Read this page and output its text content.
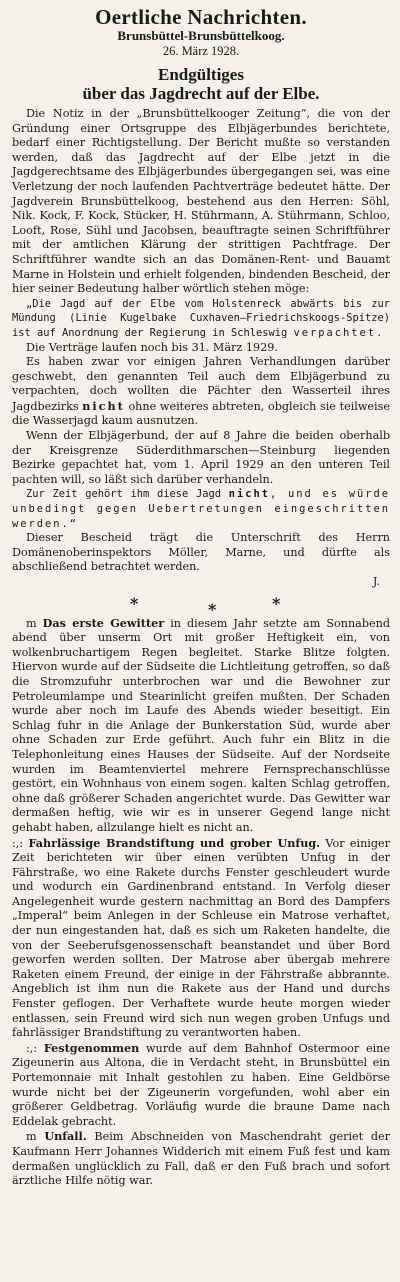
Oertliche Nachrichten.
Brunsbüttel-Brunsbüttelkoog.
26. März 1928.
Endgültiges
über das Jagdrecht auf der Elbe.

Die Notiz in der „Brunsbüttelkooger Zeitung“, die von der Gründung einer Ortsgruppe des Elbjägerbundes berichtete, bedarf einer Richtigstellung. Der Bericht mußte so verstanden werden, daß das Jagdrecht auf der Elbe jetzt in die Jagdgerechtsame des Elbjägerbundes übergegangen sei, was eine Verletzung der noch laufenden Pachtverträge bedeutet hätte. Der Jagdverein Brunsbüttelkoog, bestehend aus den Herren: Söhl, Nik. Kock, F. Kock, Stücker, H. Stührmann, A. Stührmann, Schloo, Looft, Rose, Sühl und Jacobsen, beauftragte seinen Schriftführer mit der amtlichen Klärung der strittigen Pachtfrage. Der Schriftführer wandte sich an das Domänen-Rent- und Bauamt Marne in Holstein und erhielt folgenden, bindenden Bescheid, der hier seiner Bedeutung halber wörtlich stehen möge:

„Die Jagd auf der Elbe vom Holstenreck abwärts bis zur Mündung (Linie Kugelbake Cuxhaven—Friedrichskoogs-Spitze) ist auf Anordnung der Regierung in Schleswig verpachtet.

Die Verträge laufen noch bis 31. März 1929.

Es haben zwar vor einigen Jahren Verhandlungen darüber geschwebt, den genannten Teil auch dem Elbjägerbund zu verpachten, doch wollten die Pächter den Wasserteil ihres Jagdbezirks nicht ohne weiteres abtreten, obgleich sie teilweise die Wasserjagd kaum ausnutzen.

Wenn der Elbjägerbund, der auf 8 Jahre die beiden oberhalb der Kreisgrenze Süderdithmarschen—Steinburg liegenden Bezirke gepachtet hat, vom 1. April 1929 an den unteren Teil pachten will, so läßt sich darüber verhandeln.

Zur Zeit gehört ihm diese Jagd nicht, und es würde unbedingt gegen Uebertretungen eingeschritten werden.“

Dieser Bescheid trägt die Unterschrift des Herrn Domänenoberinspektors Möller, Marne, und dürfte als abschließend betrachtet werden.

J.

*	*	*

m Das erste Gewitter in diesem Jahr setzte am Sonnabend abend über unserm Ort mit großer Heftigkeit ein, von wolkenbruchartigem Regen begleitet. Starke Blitze folgten. Hiervon wurde auf der Südseite die Lichtleitung getroffen, so daß die Stromzufuhr unterbrochen war und die Bewohner zur Petroleumlampe und Stearinlicht greifen mußten. Der Schaden wurde aber noch im Laufe des Abends wieder beseitigt. Ein Schlag fuhr in die Anlage der Bunkerstation Süd, wurde aber ohne Schaden zur Erde geführt. Auch fuhr ein Blitz in die Telephonleitung eines Hauses der Südseite. Auf der Nordseite wurden im Beamtenviertel mehrere Fernsprechanschlüsse gestört, ein Wohnhaus von einem sogen. kalten Schlag getroffen, ohne daß größerer Schaden angerichtet wurde. Das Gewitter war dermaßen heftig, wie wir es in unserer Gegend lange nicht gehabt haben, allzulange hielt es nicht an.

:,: Fahrlässige Brandstiftung und grober Unfug. Vor einiger Zeit berichteten wir über einen verübten Unfug in der Fährstraße, wo eine Rakete durchs Fenster geschleudert wurde und wodurch ein Gardinenbrand entstand. In Verfolg dieser Angelegenheit wurde gestern nachmittag an Bord des Dampfers „Imperal“ beim Anlegen in der Schleuse ein Matrose verhaftet, der nun eingestanden hat, daß es sich um Raketen handelte, die von der Seeberufsgenossenschaft beanstandet und über Bord geworfen werden sollten. Der Matrose aber übergab mehrere Raketen einem Freund, der einige in der Fährstraße abbrannte. Angeblich ist ihm nun die Rakete aus der Hand und durchs Fenster geflogen. Der Verhaftete wurde heute morgen wieder entlassen, sein Freund wird sich nun wegen groben Unfugs und fahrlässiger Brandstiftung zu verantworten haben.

:,: Festgenommen wurde auf dem Bahnhof Ostermoor eine Zigeunerin aus Altona, die in Verdacht steht, in Brunsbüttel ein Portemonnaie mit Inhalt gestohlen zu haben. Eine Geldbörse wurde nicht bei der Zigeunerin vorgefunden, wohl aber ein größerer Geldbetrag. Vorläufig wurde die braune Dame nach Eddelak gebracht.

m Unfall. Beim Abschneiden von Maschendraht geriet der Kaufmann Herr Johannes Widderich mit einem Fuß fest und kam dermaßen unglücklich zu Fall, daß er den Fuß brach und sofort ärztliche Hilfe nötig war.
